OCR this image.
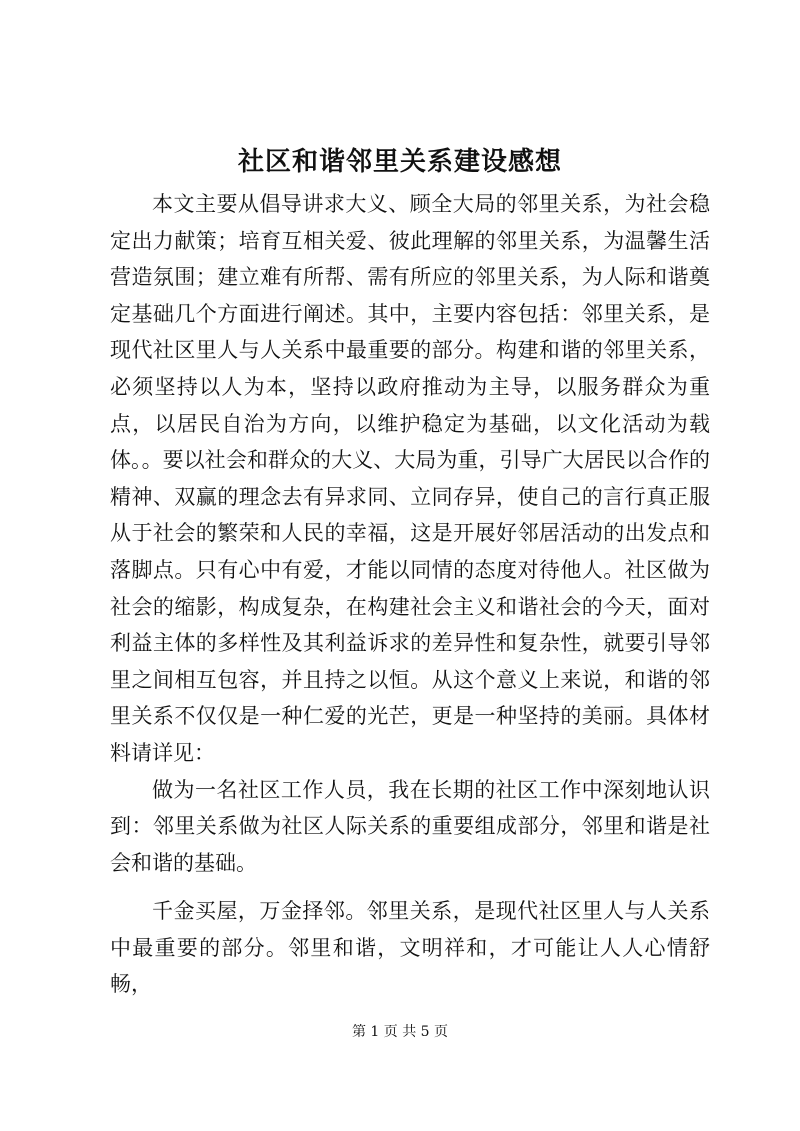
社区和谐邻里关系建设感想

本文主要从倡导讲求大义、顾全大局的邻里关系，为社会稳定出力献策；培育互相关爱、彼此理解的邻里关系，为温馨生活营造氛围；建立难有所帮、需有所应的邻里关系，为人际和谐奠定基础几个方面进行阐述。其中，主要内容包括：邻里关系，是现代社区里人与人关系中最重要的部分。构建和谐的邻里关系，必须坚持以人为本，坚持以政府推动为主导，以服务群众为重点，以居民自治为方向，以维护稳定为基础，以文化活动为载体。。要以社会和群众的大义、大局为重，引导广大居民以合作的精神、双赢的理念去有异求同、立同存异，使自己的言行真正服从于社会的繁荣和人民的幸福，这是开展好邻居活动的出发点和落脚点。只有心中有爱，才能以同情的态度对待他人。社区做为社会的缩影，构成复杂，在构建社会主义和谐社会的今天，面对利益主体的多样性及其利益诉求的差异性和复杂性，就要引导邻里之间相互包容，并且持之以恒。从这个意义上来说，和谐的邻里关系不仅仅是一种仁爱的光芒，更是一种坚持的美丽。具体材料请详见：

做为一名社区工作人员，我在长期的社区工作中深刻地认识到：邻里关系做为社区人际关系的重要组成部分，邻里和谐是社会和谐的基础。

千金买屋，万金择邻。邻里关系，是现代社区里人与人关系中最重要的部分。邻里和谐，文明祥和，才可能让人人心情舒畅，

第 1 页 共 5 页
